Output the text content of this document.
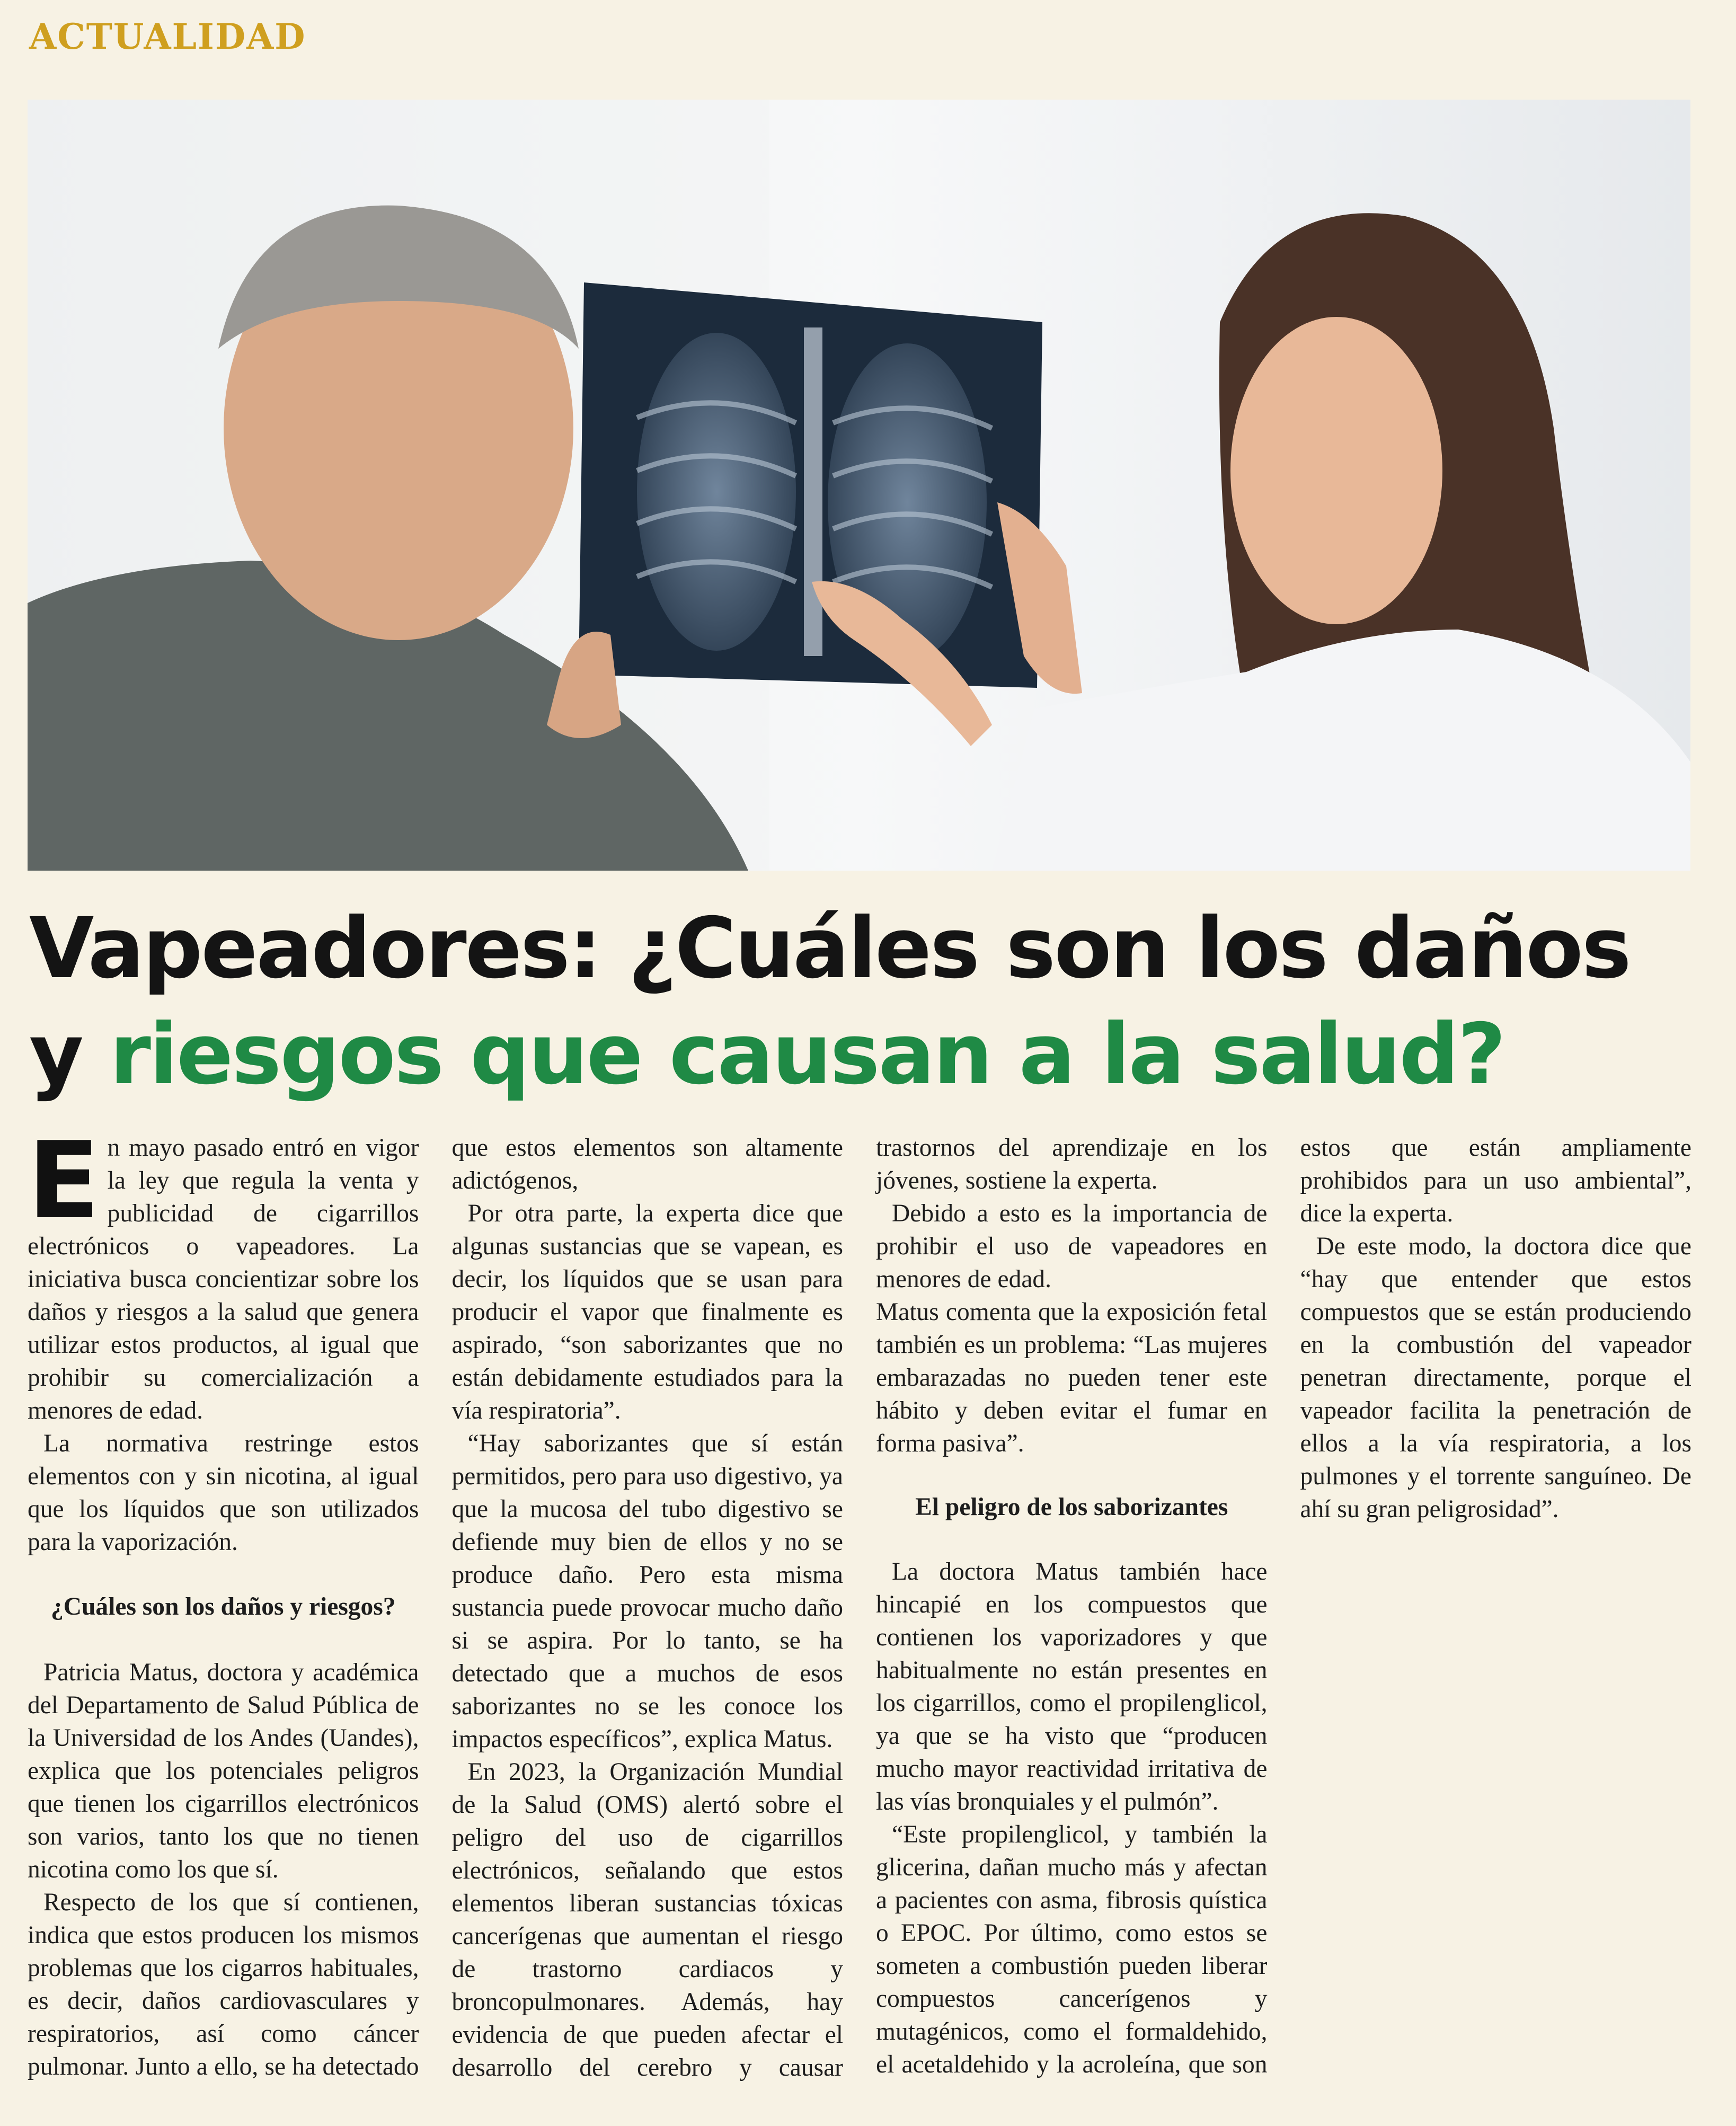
ACTUALIDAD
Vapeadores: ¿Cuáles son los daños
y riesgos que causan a la salud?

En mayo pasado entró en vigor la ley que regula la venta y publicidad de cigarrillos electrónicos o vapeadores. La iniciativa busca concientizar sobre los daños y riesgos a la salud que genera utilizar estos productos, al igual que prohibir su comercialización a menores de edad.

La normativa restringe estos elementos con y sin nicotina, al igual que los líquidos que son utilizados para la vaporización.

¿Cuáles son los daños y riesgos?

Patricia Matus, doctora y académica del Departamento de Salud Pública de la Universidad de los Andes (Uandes), explica que los potenciales peligros que tienen los cigarrillos electrónicos son varios, tanto los que no tienen nicotina como los que sí.

Respecto de los que sí contienen, indica que estos producen los mismos problemas que los cigarros habituales, es decir, daños cardiovasculares y respiratorios, así como cáncer pulmonar. Junto a ello, se ha detectado que estos elementos son altamente adictógenos,

Por otra parte, la experta dice que algunas sustancias que se vapean, es decir, los líquidos que se usan para producir el vapor que finalmente es aspirado, “son saborizantes que no están debidamente estudiados para la vía respiratoria”.

“Hay saborizantes que sí están permitidos, pero para uso digestivo, ya que la mucosa del tubo digestivo se defiende muy bien de ellos y no se produce daño. Pero esta misma sustancia puede provocar mucho daño si se aspira. Por lo tanto, se ha detectado que a muchos de esos saborizantes no se les conoce los impactos específicos”, explica Matus.

En 2023, la Organización Mundial de la Salud (OMS) alertó sobre el peligro del uso de cigarrillos electrónicos, señalando que estos elementos liberan sustancias tóxicas cancerígenas que aumentan el riesgo de trastorno cardiacos y broncopulmonares. Además, hay evidencia de que pueden afectar el desarrollo del cerebro y causar trastornos del aprendizaje en los jóvenes, sostiene la experta.

Debido a esto es la importancia de prohibir el uso de vapeadores en menores de edad.

Matus comenta que la exposición fetal también es un problema: “Las mujeres embarazadas no pueden tener este hábito y deben evitar el fumar en forma pasiva”.

El peligro de los saborizantes

La doctora Matus también hace hincapié en los compuestos que contienen los vaporizadores y que habitualmente no están presentes en los cigarrillos, como el propilenglicol, ya que se ha visto que “producen mucho mayor reactividad irritativa de las vías bronquiales y el pulmón”.

“Este propilenglicol, y también la glicerina, dañan mucho más y afectan a pacientes con asma, fibrosis quística o EPOC. Por último, como estos se someten a combustión pueden liberar compuestos cancerígenos y mutagénicos, como el formaldehido, el acetaldehido y la acroleína, que son estos que están ampliamente prohibidos para un uso ambiental”, dice la experta.

De este modo, la doctora dice que “hay que entender que estos compuestos que se están produciendo en la combustión del vapeador penetran directamente, porque el vapeador facilita la penetración de ellos a la vía respiratoria, a los pulmones y el torrente sanguíneo. De ahí su gran peligrosidad”.
